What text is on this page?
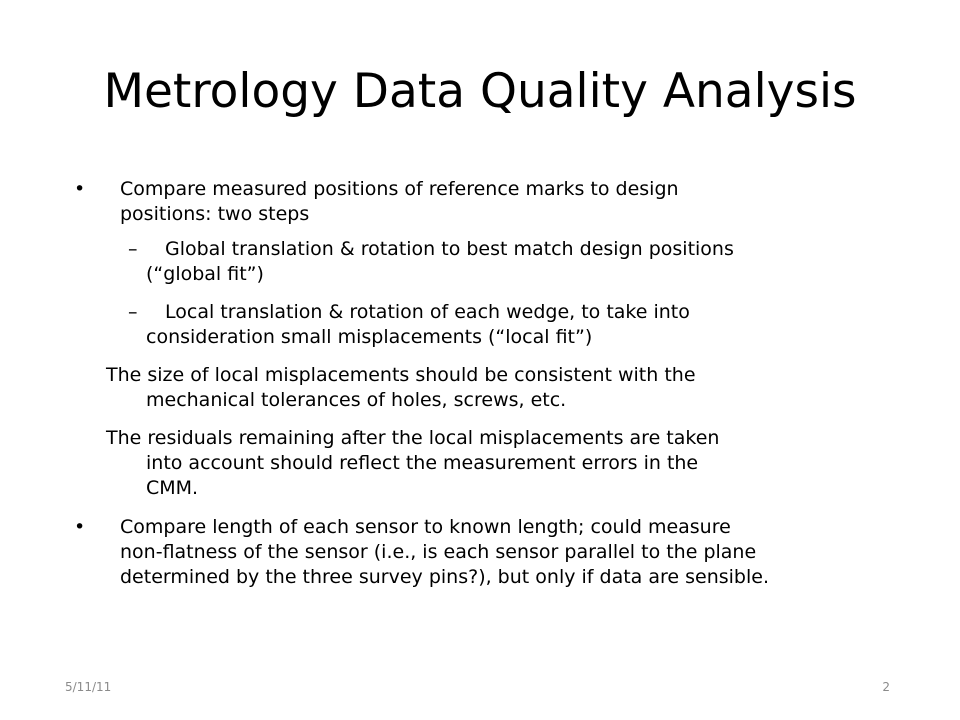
Metrology Data Quality Analysis
• Compare measured positions of reference marks to design
positions: two steps
– Global translation & rotation to best match design positions
(“global fit”)
– Local translation & rotation of each wedge, to take into
consideration small misplacements (“local fit”)
The size of local misplacements should be consistent with the
mechanical tolerances of holes, screws, etc.
The residuals remaining after the local misplacements are taken
into account should reflect the measurement errors in the
CMM.
• Compare length of each sensor to known length; could measure
non-flatness of the sensor (i.e., is each sensor parallel to the plane
determined by the three survey pins?), but only if data are sensible.
5/11/11	2
